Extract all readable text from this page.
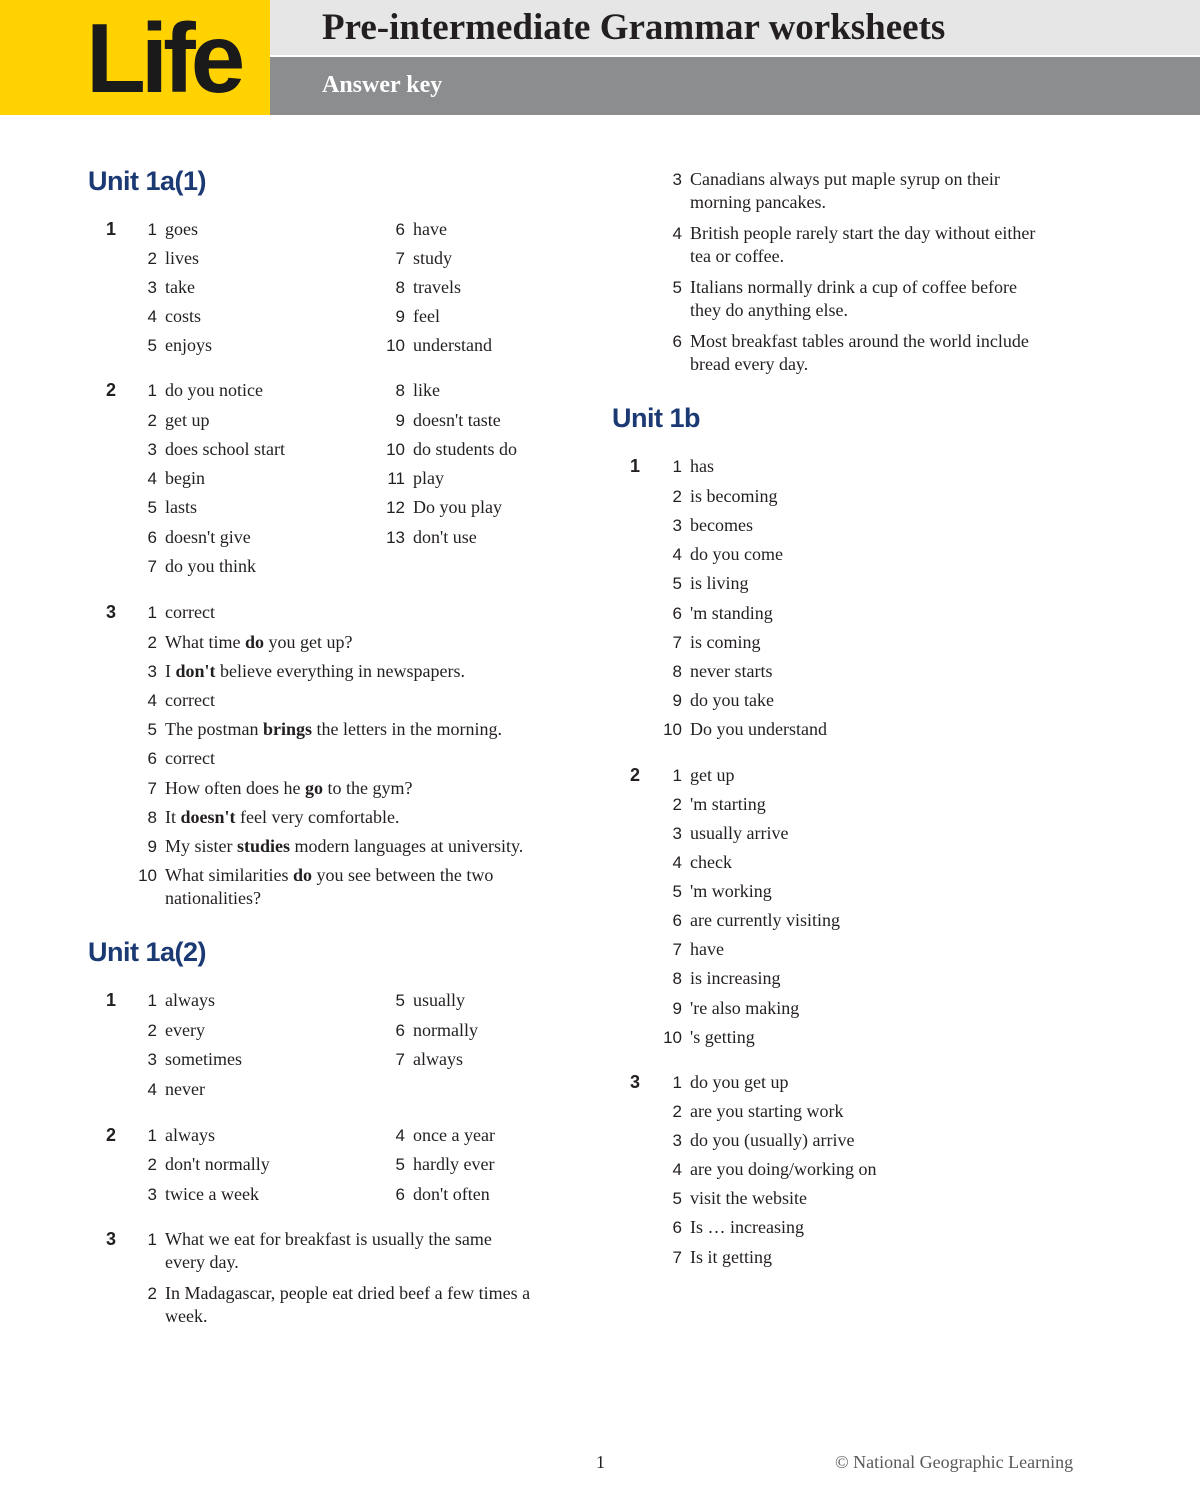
Life Pre-intermediate Grammar worksheets
Answer key
Unit 1a(1)
1	1 goes
2 lives
3 take
4 costs
5 enjoys
6 have
7 study
8 travels
9 feel
10 understand
2	1 do you notice
2 get up
3 does school start
4 begin
5 lasts
6 doesn't give
7 do you think
8 like
9 doesn't taste
10 do students do
11 play
12 Do you play
13 don't use
3	1 correct
2 What time do you get up?
3 I don't believe everything in newspapers.
4 correct
5 The postman brings the letters in the morning.
6 correct
7 How often does he go to the gym?
8 It doesn't feel very comfortable.
9 My sister studies modern languages at university.
10 What similarities do you see between the two
nationalities?
Unit 1a(2)
1	1 always
2 every
3 sometimes
4 never
5 usually
6 normally
7 always
2	1 always
2 don't normally
3 twice a week
4 once a year
5 hardly ever
6 don't often
3	1 What we eat for breakfast is usually the same
every day.
2 In Madagascar, people eat dried beef a few times a
week.
3 Canadians always put maple syrup on their
morning pancakes.
4 British people rarely start the day without either
tea or coffee.
5 Italians normally drink a cup of coffee before
they do anything else.
6 Most breakfast tables around the world include
bread every day.
Unit 1b
1	1 has
2 is becoming
3 becomes
4 do you come
5 is living
6 'm standing
7 is coming
8 never starts
9 do you take
10 Do you understand
2	1 get up
2 'm starting
3 usually arrive
4 check
5 'm working
6 are currently visiting
7 have
8 is increasing
9 're also making
10 's getting
3	1 do you get up
2 are you starting work
3 do you (usually) arrive
4 are you doing/working on
5 visit the website
6 Is … increasing
7 Is it getting
1	© National Geographic Learning
